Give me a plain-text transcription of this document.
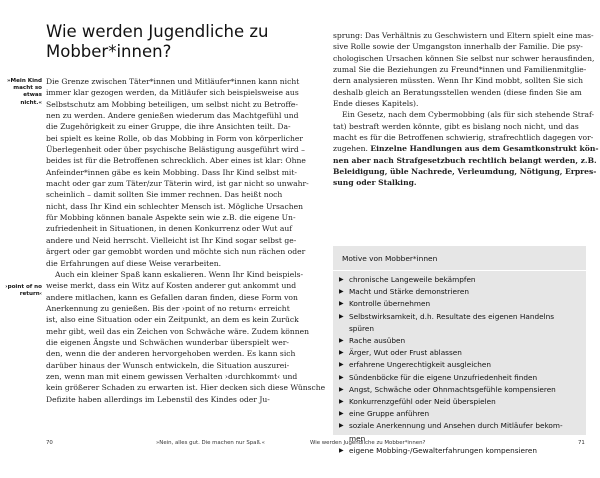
Wie werden Jugendliche zu
Mobber*innen?
»Mein Kind
macht so
etwas nicht.«
›point of no
return‹
Die Grenze zwischen Täter*innen und Mitläufer*innen kann nicht
immer klar gezogen werden, da Mitläufer sich beispielsweise aus
Selbstschutz am Mobbing beteiligen, um selbst nicht zu Betroffe-
nen zu werden. Andere genießen wiederum das Machtgefühl und
die Zugehörigkeit zu einer Gruppe, die ihre Ansichten teilt. Da-
bei spielt es keine Rolle, ob das Mobbing in Form von körperlicher
Überlegenheit oder über psychische Belästigung ausgeführt wird –
beides ist für die Betroffenen schrecklich. Aber eines ist klar: Ohne
Anfeinder*innen gäbe es kein Mobbing. Dass Ihr Kind selbst mit-
macht oder gar zum Täter/zur Täterin wird, ist gar nicht so unwahr-
scheinlich – damit sollten Sie immer rechnen. Das heißt noch
nicht, dass Ihr Kind ein schlechter Mensch ist. Mögliche Ursachen
für Mobbing können banale Aspekte sein wie z.B. die eigene Un-
zufriedenheit in Situationen, in denen Konkurrenz oder Wut auf
andere und Neid herrscht. Vielleicht ist Ihr Kind sogar selbst ge-
ärgert oder gar gemobbt worden und möchte sich nun rächen oder
die Erfahrungen auf diese Weise verarbeiten.
Auch ein kleiner Spaß kann eskalieren. Wenn Ihr Kind beispiels-
weise merkt, dass ein Witz auf Kosten anderer gut ankommt und
andere mitlachen, kann es Gefallen daran finden, diese Form von
Anerkennung zu genießen. Bis der ›point of no return‹ erreicht
ist, also eine Situation oder ein Zeitpunkt, an dem es kein Zurück
mehr gibt, weil das ein Zeichen von Schwäche wäre. Zudem können
die eigenen Ängste und Schwächen wunderbar überspielt wer-
den, wenn die der anderen hervorgehoben werden. Es kann sich
darüber hinaus der Wunsch entwickeln, die Situation auszurei-
zen, wenn man mit einem gewissen Verhalten ›durchkommt‹ und
kein größerer Schaden zu erwarten ist. Hier decken sich diese Wünsche
Defizite haben allerdings im Lebenstil des Kindes oder Ju-
70	»Nein, alles gut. Die machen nur Spaß.«
sprung: Das Verhältnis zu Geschwistern und Eltern spielt eine mas-
sive Rolle sowie der Umgangston innerhalb der Familie. Die psy-
chologischen Ursachen können Sie selbst nur schwer herausfinden,
zumal Sie die Beziehungen zu Freund*innen und Familienmitglie-
dern analysieren müssten. Wenn Ihr Kind mobbt, sollten Sie sich
deshalb gleich an Beratungsstellen wenden (diese finden Sie am
Ende dieses Kapitels).
Ein Gesetz, nach dem Cybermobbing (als für sich stehende Straf-
tat) bestraft werden könnte, gibt es bislang noch nicht, und das
macht es für die Betroffenen schwierig, strafrechtlich dagegen vor-
zugehen. Einzelne Handlungen aus dem Gesamtkonstrukt kön-
nen aber nach Strafgesetzbuch rechtlich belangt werden, z.B.
Beleidigung, üble Nachrede, Verleumdung, Nötigung, Erpres-
sung oder Stalking.
Motive von Mobber*innen
▶ chronische Langeweile bekämpfen
▶ Macht und Stärke demonstrieren
▶ Kontrolle übernehmen
▶ Selbstwirksamkeit, d.h. Resultate des eigenen Handelns
spüren
▶ Rache ausüben
▶ Ärger, Wut oder Frust ablassen
▶ erfahrene Ungerechtigkeit ausgleichen
▶ Sündenböcke für die eigene Unzufriedenheit finden
▶ Angst, Schwäche oder Ohnmachtsgefühle kompensieren
▶ Konkurrenzgefühl oder Neid überspielen
▶ eine Gruppe anführen
▶ soziale Anerkennung und Ansehen durch Mitläufer bekom-
men
▶ eigene Mobbing-/Gewalterfahrungen kompensieren
Wie werden Jugendliche zu Mobber*innen?	71
